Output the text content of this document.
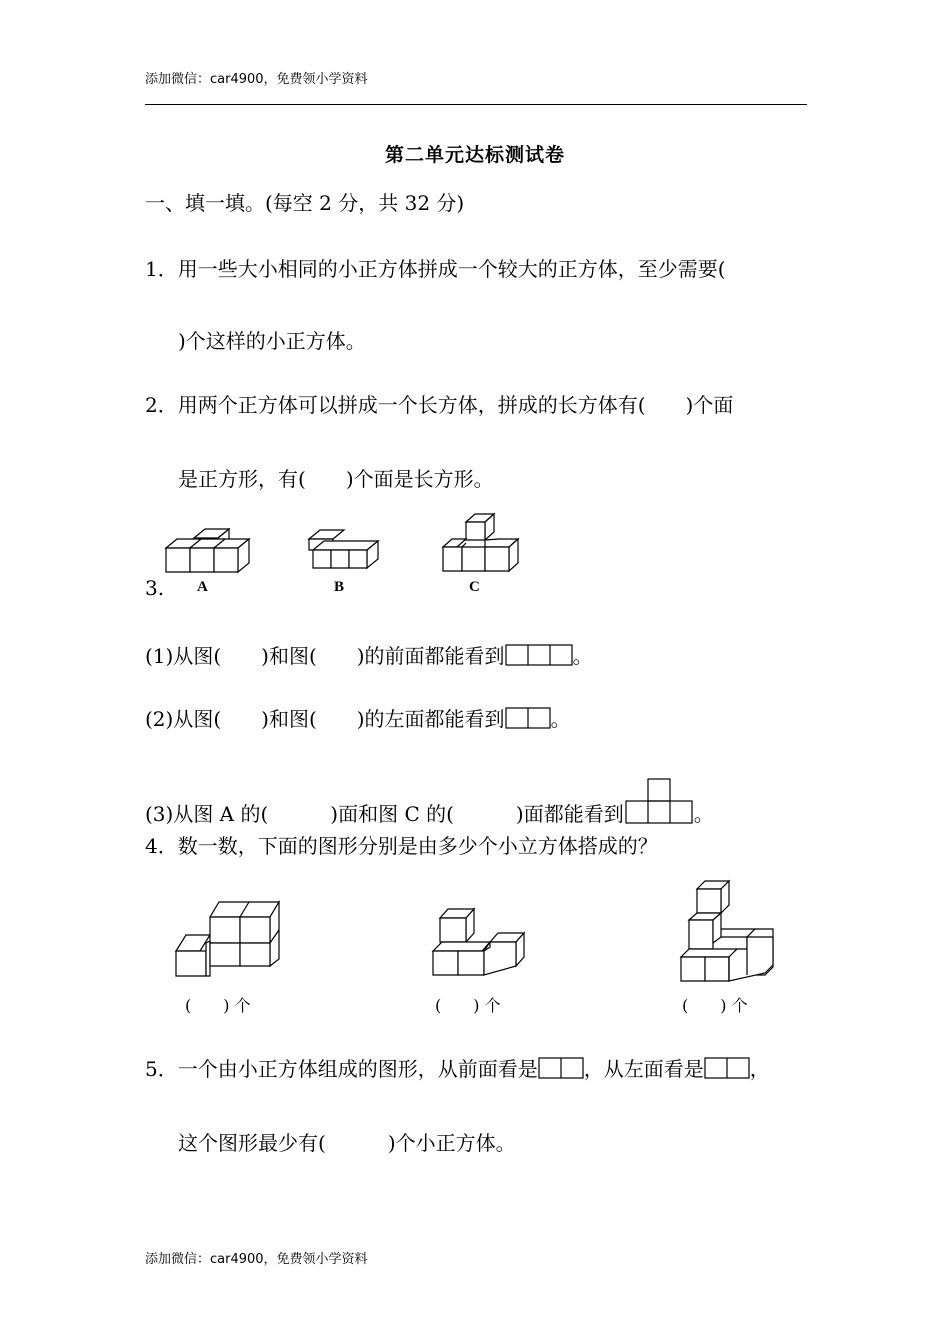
添加微信：car4900，免费领小学资料
第二单元达标测试卷
一、填一填。(每空 2 分，共 32 分)
1．用一些大小相同的小正方体拼成一个较大的正方体，至少需要(
)个这样的小正方体。
2．用两个正方体可以拼成一个长方体，拼成的长方体有( )个面
是正方形，有( )个面是长方形。
3. A	B	C
(1)从图( )和图( )的前面都能看到	。
(2)从图( )和图( )的左面都能看到 。
(3)从图 A 的(	)面和图 C 的(	)面都能看到	。
4．数一数，下面的图形分别是由多少个小立方体搭成的？
(　　) 个	(　　) 个	(　　) 个
5．一个由小正方体组成的图形，从前面看是 ，从左面看是 ，
这个图形最少有(	)个小正方体。
添加微信：car4900，免费领小学资料
